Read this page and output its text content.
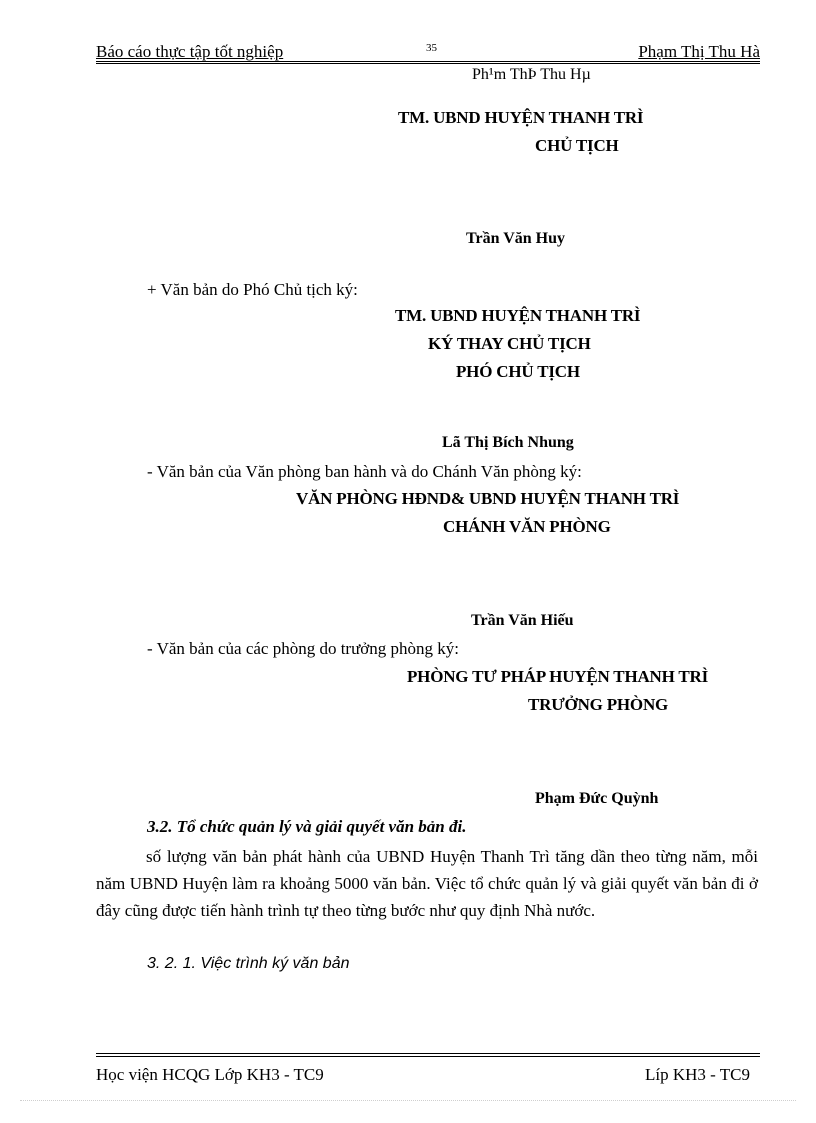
Báo cáo thực tập tốt nghiệp	35	Phạm Thị Thu Hà
Ph¹m ThÞ Thu Hµ
TM. UBND HUYỆN THANH TRÌ
CHỦ TỊCH
Trần Văn Huy
+ Văn bản do Phó Chủ tịch ký:
TM. UBND HUYỆN THANH TRÌ
KÝ THAY CHỦ TỊCH
PHÓ CHỦ TỊCH
Lã Thị Bích Nhung
- Văn bản của Văn phòng ban hành và do Chánh Văn phòng ký:
VĂN PHÒNG HĐND& UBND HUYỆN THANH TRÌ
CHÁNH VĂN PHÒNG
Trần Văn Hiếu
- Văn bản của các phòng do trưởng phòng ký:
PHÒNG TƯ PHÁP HUYỆN THANH TRÌ
TRƯỞNG PHÒNG
Phạm Đức Quỳnh
3.2. Tổ chức quản lý và giải quyết văn bản đi.
số lượng văn bản phát hành của UBND Huyện Thanh Trì tăng dần theo từng năm, mỗi năm UBND Huyện làm ra khoảng 5000 văn bản. Việc tổ chức quản lý và giải quyết văn bản đi ở đây cũng được tiến hành trình tự theo từng bước như quy định Nhà nước.
3. 2. 1. Việc trình ký văn bản
Học viện HCQG Lớp KH3 - TC9	Líp KH3 - TC9
